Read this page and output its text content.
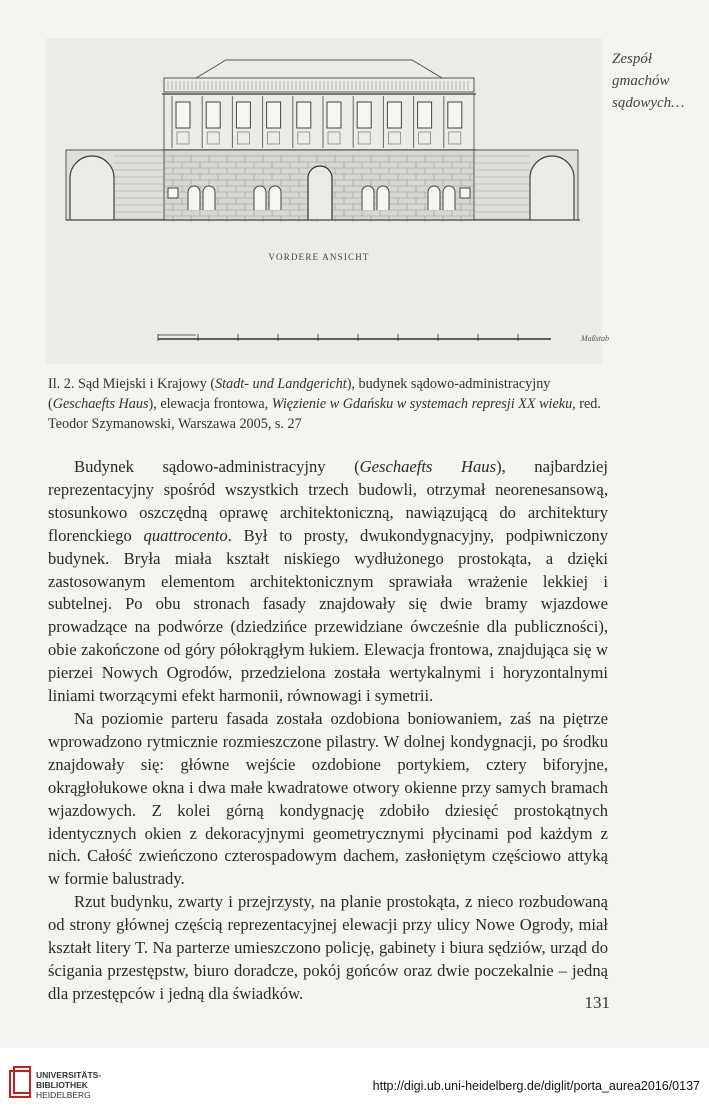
Zespół
gmachów
sądowych…
Maßstab
VORDERE ANSICHT
Il. 2. Sąd Miejski i Krajowy (Stadt- und Landgericht), budynek sądowo-administracyjny (Geschaefts Haus), elewacja frontowa, Więzienie w Gdańsku w systemach represji XX wieku, red. Teodor Szymanowski, Warszawa 2005, s. 27

Budynek sądowo-administracyjny (Geschaefts Haus), najbardziej reprezentacyjny spośród wszystkich trzech budowli, otrzymał neorenesansową, stosunkowo oszczędną oprawę architektoniczną, nawiązującą do architektury florenckiego quattrocento. Był to prosty, dwukondygnacyjny, podpiwniczony budynek. Bryła miała kształt niskiego wydłużonego prostokąta, a dzięki zastosowanym elementom architektonicznym sprawiała wrażenie lekkiej i subtelnej. Po obu stronach fasady znajdowały się dwie bramy wjazdowe prowadzące na podwórze (dziedzińce przewidziane ówcześnie dla publiczności), obie zakończone od góry półokrągłym łukiem. Elewacja frontowa, znajdująca się w pierzei Nowych Ogrodów, przedzielona została wertykalnymi i horyzontalnymi liniami tworzącymi efekt harmonii, równowagi i symetrii.

Na poziomie parteru fasada została ozdobiona boniowaniem, zaś na piętrze wprowadzono rytmicznie rozmieszczone pilastry. W dolnej kondygnacji, po środku znajdowały się: główne wejście ozdobione portykiem, cztery biforyjne, okrągłołukowe okna i dwa małe kwadratowe otwory okienne przy samych bramach wjazdowych. Z kolei górną kondygnację zdobiło dziesięć prostokątnych identycznych okien z dekoracyjnymi geometrycznymi płycinami pod każdym z nich. Całość zwieńczono czterospadowym dachem, zasłoniętym częściowo attyką w formie balustrady.

Rzut budynku, zwarty i przejrzysty, na planie prostokąta, z nieco rozbudowaną od strony głównej częścią reprezentacyjnej elewacji przy ulicy Nowe Ogrody, miał kształt litery T. Na parterze umieszczono policję, gabinety i biura sędziów, urząd do ścigania przestępstw, biuro doradcze, pokój gońców oraz dwie poczekalnie – jedną dla przestępców i jedną dla świadków.	131
UNIVERSITÄTS-
BIBLIOTHEK
HEIDELBERG
http://digi.ub.uni-heidelberg.de/diglit/porta_aurea2016/0137
